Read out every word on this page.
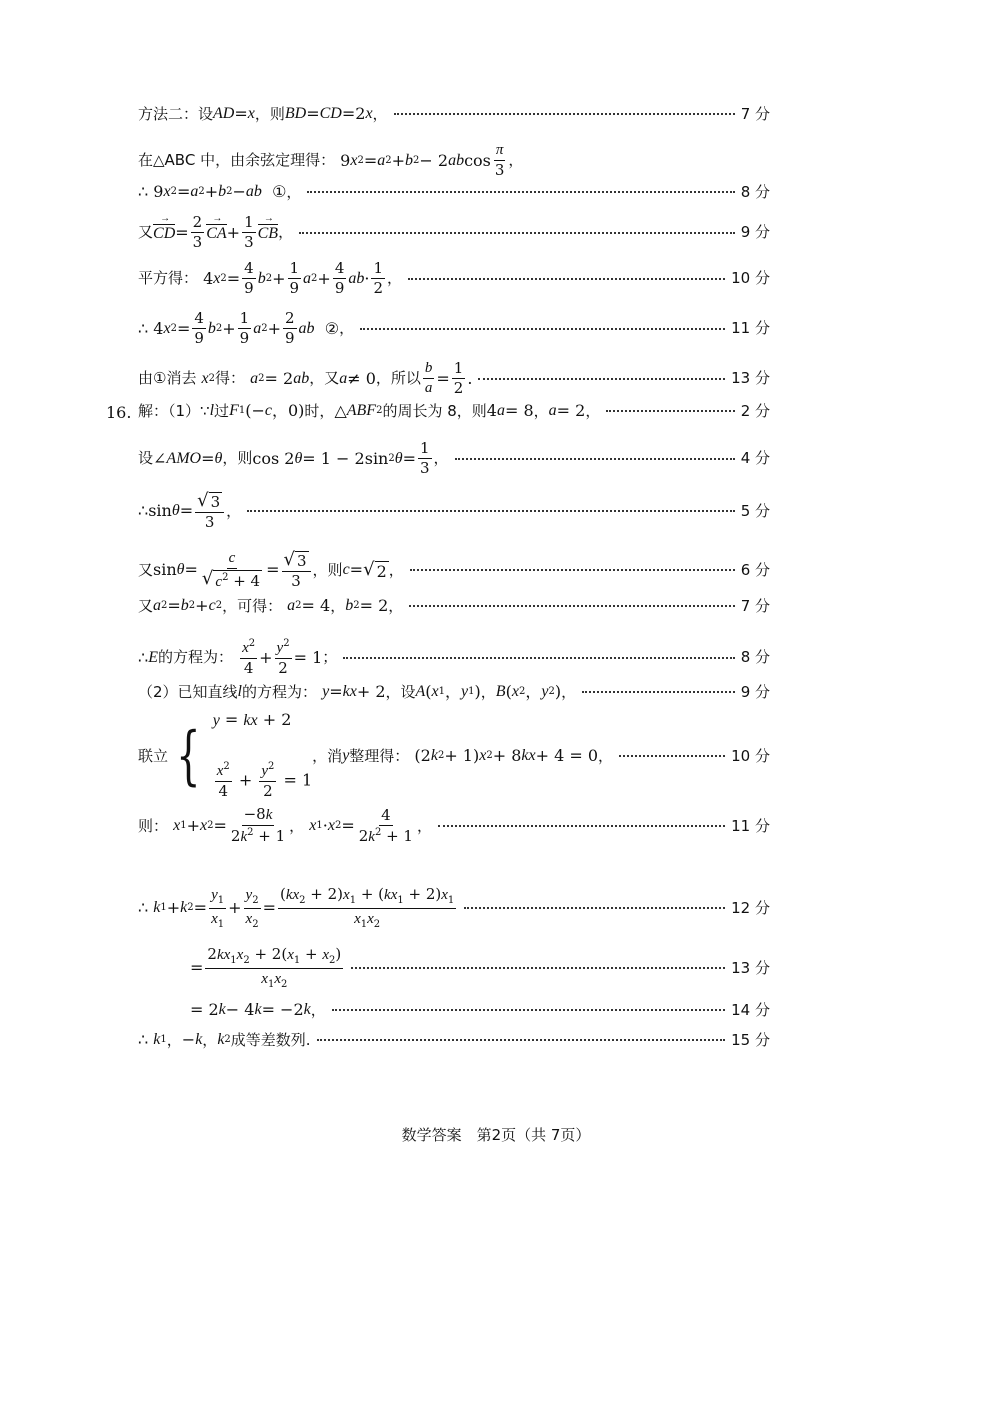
方法二：设 AD = x ，则 BD = CD =2 x ，	7 分
在△ABC 中，由余弦定理得： 9 x 2 = a 2 + b 2 − 2 ab $\cos \frac{\pi}{3}$ ，
∴ 9 x 2 = a 2 + b 2 − ab ① ，	8 分
又 → CD = $\frac{2}{3}$ → CA + $\frac{1}{3}$ → CB ，	9 分
平方得： 4 x $2 = \frac{4}{9}$ b $2 + \frac{1}{9}$ a $2 + \frac{4}{9}$ ab · $\frac{1}{2}$ ，	10 分
∴ 4 x $2 = \frac{4}{9}$ b $2 + \frac{1}{9}$ a $2 + \frac{2}{9}$ ab ② ，	11 分
由①消去
x 2 得：
a 2 = 2 ab ，又 a ≠ 0 ，所以 $\frac{b}{a} = \frac{1}{2}$ .	13 分
16. 解：（1）∵ l 过 F 1 (− c ，0) 时， △ ABF 2 的周长为 8，则 4 a = 8 ， a = 2 ，	2 分
设 ∠ AMO = θ ，则 cos 2 θ = 1 − 2sin 2 $\theta = \frac{1}{3}$ ，	4 分
∴ $\sin \theta = \frac{√ 3}{3}$ ，	5 分
又 $\sin \theta = \frac{c}{√ c^2 + 4} = \frac{√ 3}{3}$ ，则 c = √ 2 ，	6 分
又 a 2 = b 2 + c 2 ，可得：
a 2 = 4 ， b 2 = 2 ，	7 分
∴ E 的方程为：
$\frac{x^2}{4} + \frac{y^2}{2} = 1$ ；	8 分
（2）已知直线 l 的方程为：
y = kx + 2 ，设 A ( x 1 ， y 1 ) ， B ( x 2 ， y 2 ) ，	9 分
联立 { y = kx + 2
$\frac{x^2}{4} + \frac{y^2}{2} = 1$
，消 y 整理得： (2 k 2 + 1) x 2 + 8 kx + 4 = 0 ，	10 分
则：
x 1 + x $2 = \frac{-8k}{2k^2 + 1}$ ，
x 1 · x $2 = \frac{4}{2k^2 + 1}$ ，	11 分
∴
k 1 + k $2 = \frac{y_1}{x_1} + \frac{y_2}{x_2} = \frac{(kx_2 + 2)x_1 + (kx_1 + 2)x_1}{x_1x_2}$	12 分
= $\frac{2kx_1x_2 + 2(x_1 + x_2)}{x_1x_2}$	13 分
= 2 k − 4 k = −2 k ，	14 分
∴
k 1 ， − k ， k 2 成等差数列.	15 分
数学答案　第2页（共 7页）
